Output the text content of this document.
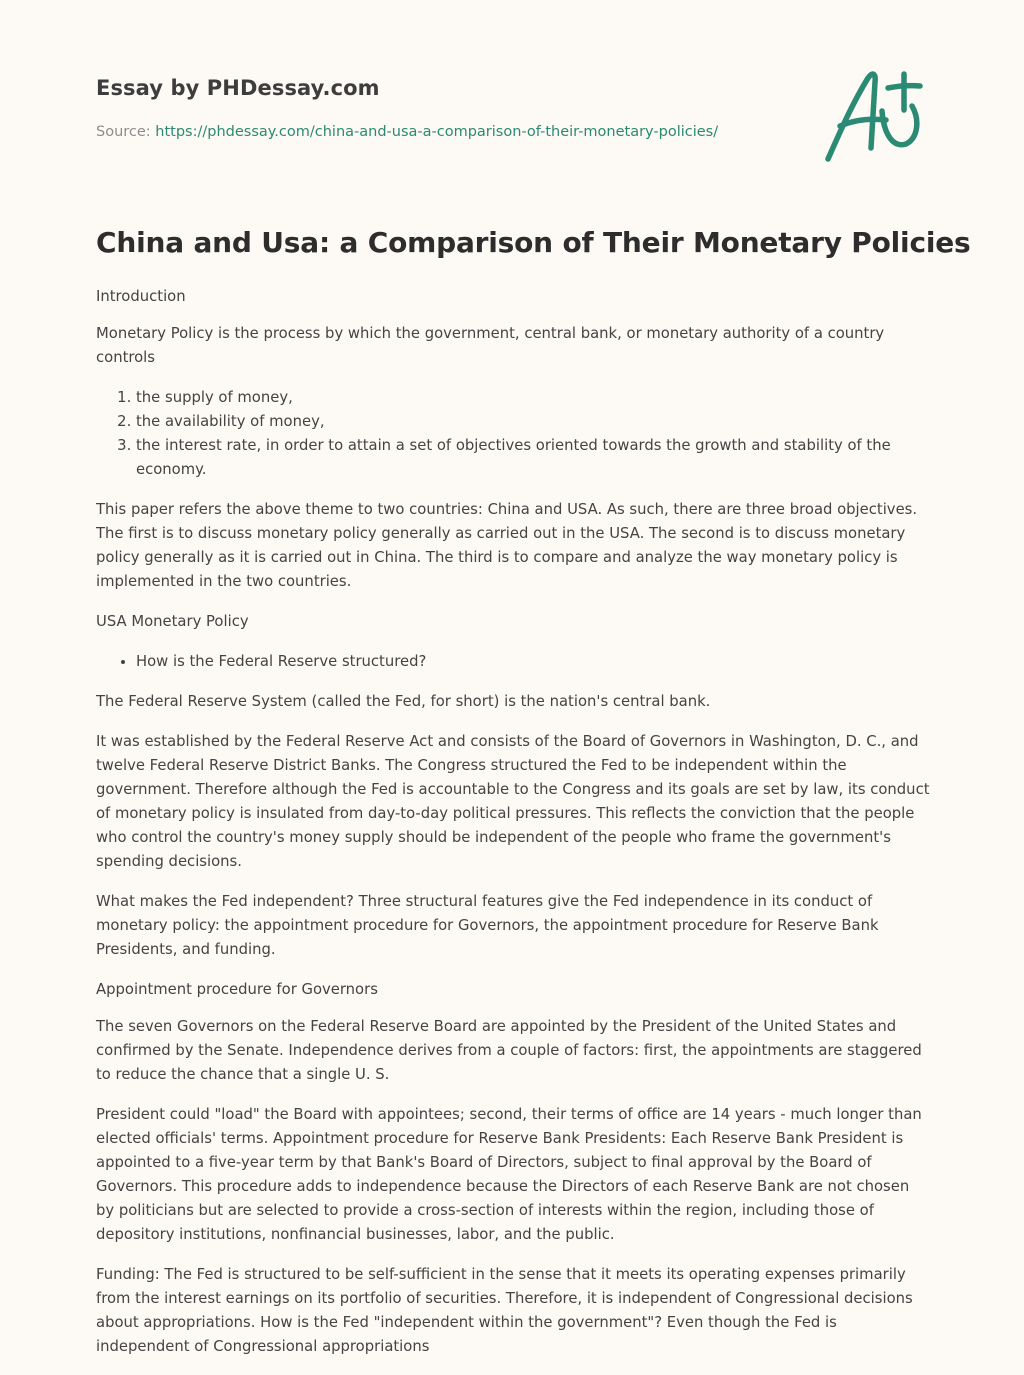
Essay by PHDessay.com
Source: https://phdessay.com/china-and-usa-a-comparison-of-their-monetary-policies/
China and Usa: a Comparison of Their Monetary Policies

Introduction

Monetary Policy is the process by which the government, central bank, or monetary authority of a country controls

1. the supply of money,
2. the availability of money,
3. the interest rate, in order to attain a set of objectives oriented towards the growth and stability of the economy.

This paper refers the above theme to two countries: China and USA. As such, there are three broad objectives. The first is to discuss monetary policy generally as carried out in the USA. The second is to discuss monetary policy generally as it is carried out in China. The third is to compare and analyze the way monetary policy is implemented in the two countries.

USA Monetary Policy

• How is the Federal Reserve structured?

The Federal Reserve System (called the Fed, for short) is the nation's central bank.

It was established by the Federal Reserve Act and consists of the Board of Governors in Washington, D. C., and twelve Federal Reserve District Banks. The Congress structured the Fed to be independent within the government. Therefore although the Fed is accountable to the Congress and its goals are set by law, its conduct of monetary policy is insulated from day-to-day political pressures. This reflects the conviction that the people who control the country's money supply should be independent of the people who frame the government's spending decisions.

What makes the Fed independent? Three structural features give the Fed independence in its conduct of monetary policy: the appointment procedure for Governors, the appointment procedure for Reserve Bank Presidents, and funding.

Appointment procedure for Governors

The seven Governors on the Federal Reserve Board are appointed by the President of the United States and confirmed by the Senate. Independence derives from a couple of factors: first, the appointments are staggered to reduce the chance that a single U. S.

President could "load" the Board with appointees; second, their terms of office are 14 years - much longer than elected officials' terms. Appointment procedure for Reserve Bank Presidents: Each Reserve Bank President is appointed to a five-year term by that Bank's Board of Directors, subject to final approval by the Board of Governors. This procedure adds to independence because the Directors of each Reserve Bank are not chosen by politicians but are selected to provide a cross-section of interests within the region, including those of depository institutions, nonfinancial businesses, labor, and the public.

Funding: The Fed is structured to be self-sufficient in the sense that it meets its operating expenses primarily from the interest earnings on its portfolio of securities. Therefore, it is independent of Congressional decisions about appropriations. How is the Fed "independent within the government"? Even though the Fed is independent of Congressional appropriations
